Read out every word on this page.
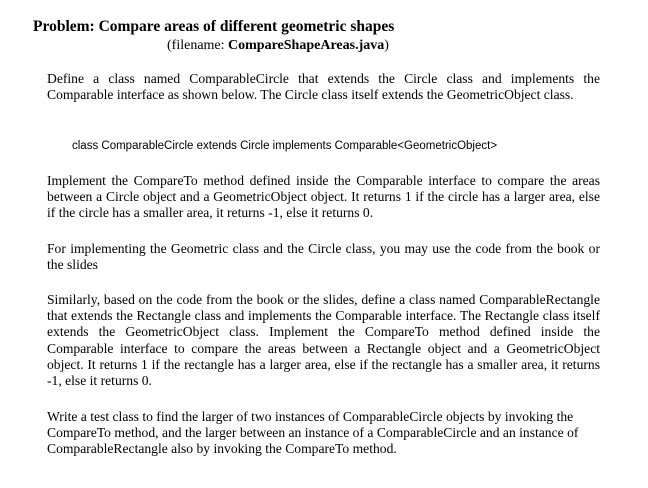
Problem: Compare areas of different geometric shapes
(filename: CompareShapeAreas.java)
Define a class named ComparableCircle that extends the Circle class and implements the Comparable interface as shown below. The Circle class itself extends the GeometricObject class.
class ComparableCircle extends Circle implements Comparable<GeometricObject>
Implement the CompareTo method defined inside the Comparable interface to compare the areas between a Circle object and a GeometricObject object. It returns 1 if the circle has a larger area, else if the circle has a smaller area, it returns -1, else it returns 0.
For implementing the Geometric class and the Circle class, you may use the code from the book or the slides
Similarly, based on the code from the book or the slides, define a class named ComparableRectangle that extends the Rectangle class and implements the Comparable interface. The Rectangle class itself extends the GeometricObject class. Implement the CompareTo method defined inside the Comparable interface to compare the areas between a Rectangle object and a GeometricObject object. It returns 1 if the rectangle has a larger area, else if the rectangle has a smaller area, it returns -1, else it returns 0.
Write a test class to find the larger of two instances of ComparableCircle objects by invoking the CompareTo method, and the larger between an instance of a ComparableCircle and an instance of ComparableRectangle also by invoking the CompareTo method.
